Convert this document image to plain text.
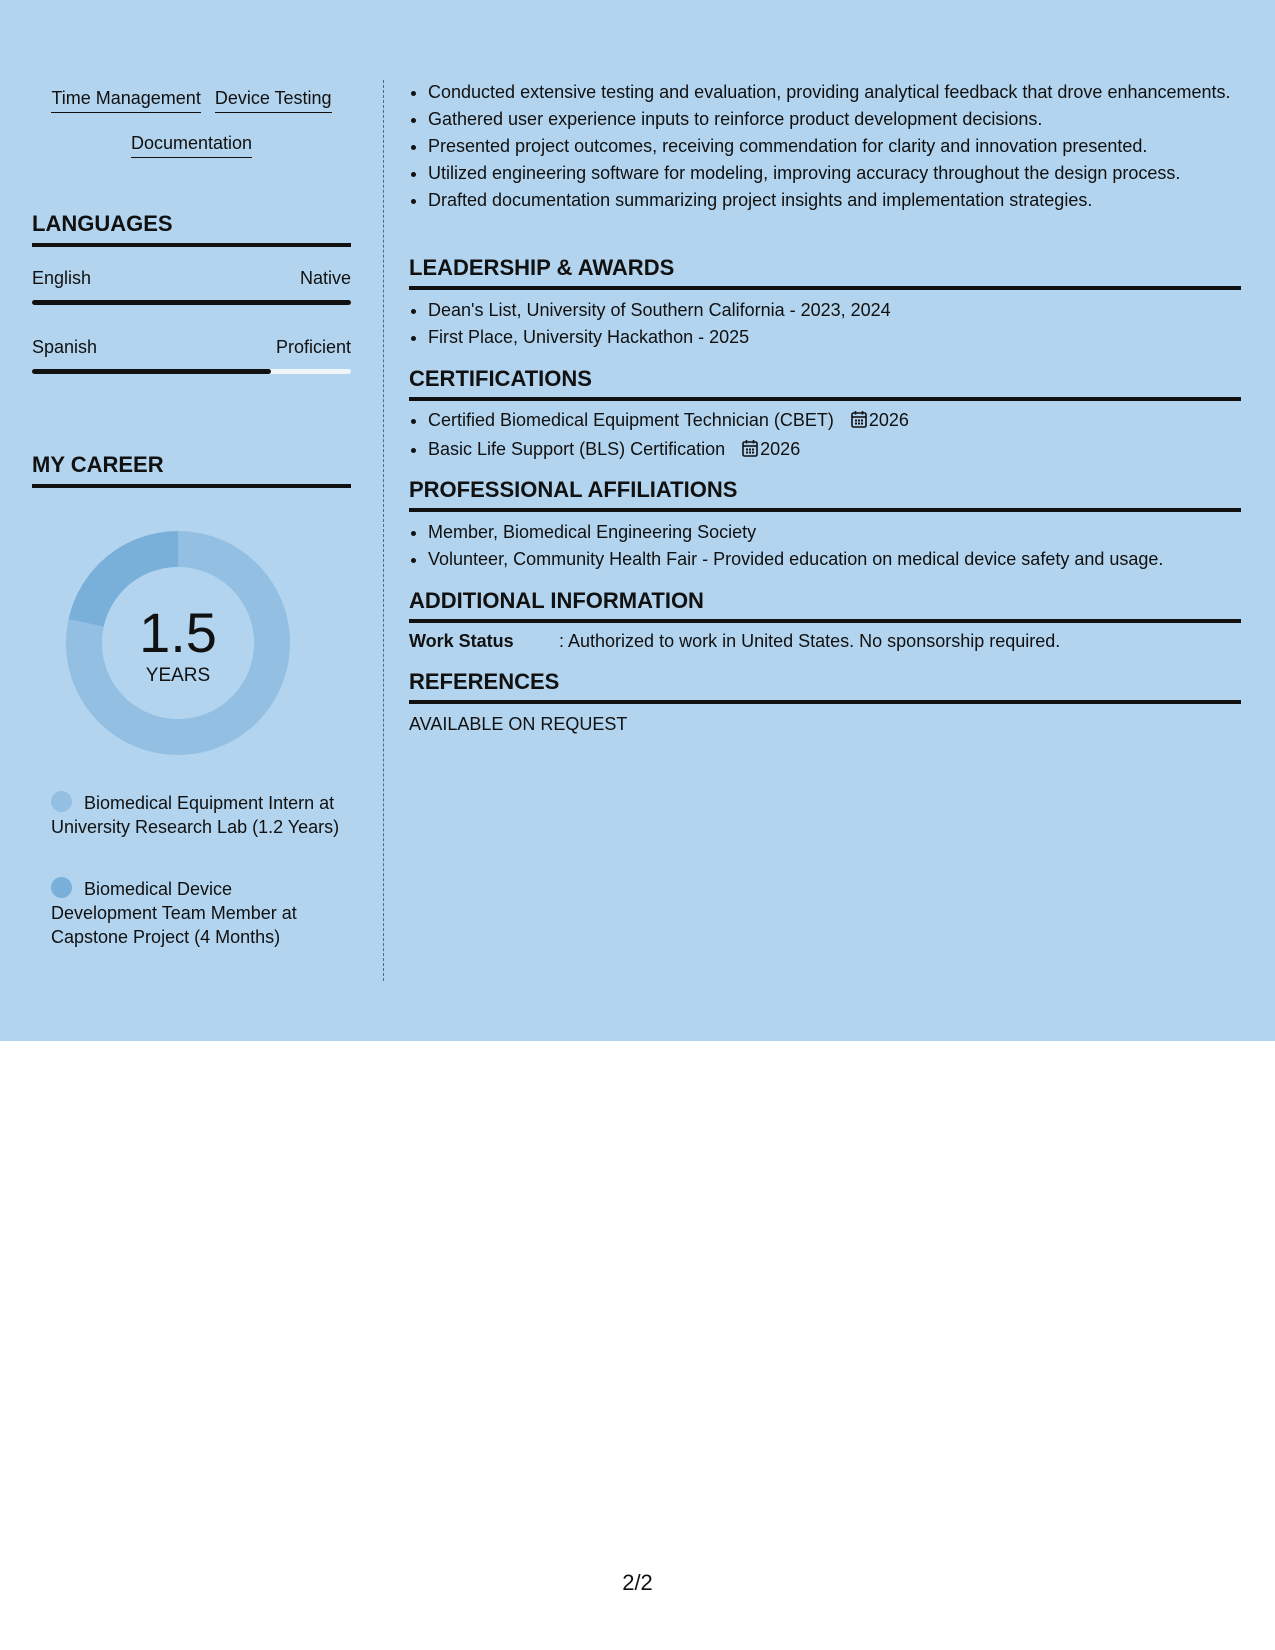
Time Management Device Testing
Documentation
LANGUAGES
English	Native
Spanish	Proficient
MY CAREER
1.5
YEARS
Biomedical Equipment Intern at University Research Lab (1.2 Years)
Biomedical Device Development Team Member at Capstone Project (4 Months)
• Conducted extensive testing and evaluation, providing analytical feedback that drove enhancements.
• Gathered user experience inputs to reinforce product development decisions.
• Presented project outcomes, receiving commendation for clarity and innovation presented.
• Utilized engineering software for modeling, improving accuracy throughout the design process.
• Drafted documentation summarizing project insights and implementation strategies.
LEADERSHIP & AWARDS
• Dean's List, University of Southern California - 2023, 2024
• First Place, University Hackathon - 2025
CERTIFICATIONS
• Certified Biomedical Equipment Technician (CBET) 2026
• Basic Life Support (BLS) Certification 2026
PROFESSIONAL AFFILIATIONS
• Member, Biomedical Engineering Society
• Volunteer, Community Health Fair - Provided education on medical device safety and usage.
ADDITIONAL INFORMATION
Work Status	: Authorized to work in United States. No sponsorship required.
REFERENCES
AVAILABLE ON REQUEST
2/2
